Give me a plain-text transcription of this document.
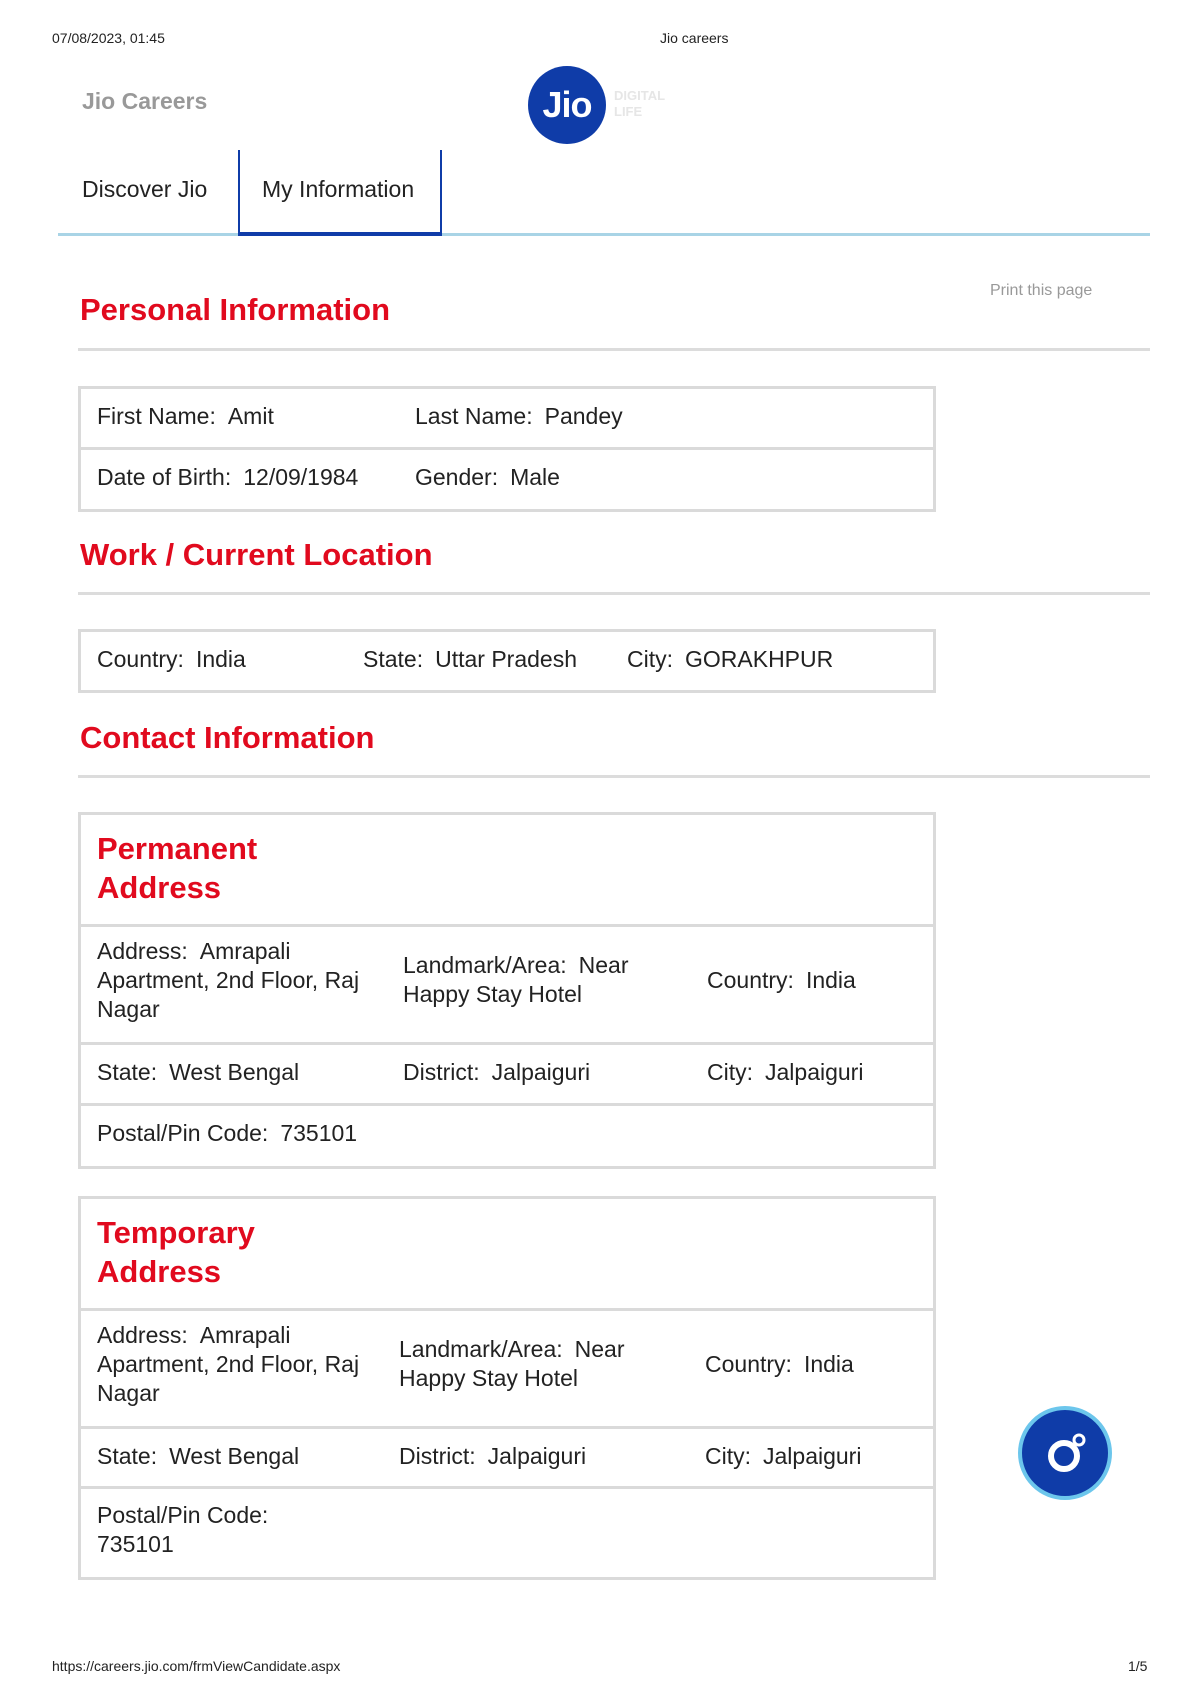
07/08/2023, 01:45	Jio careers
Jio Careers	Jio DIGITAL
LIFE
Discover Jio	My Information
Print this page
Personal Information
First Name: Amit	Last Name: Pandey
Date of Birth: 12/09/1984 Gender: Male
Work / Current Location
Country: India	State: Uttar Pradesh City: GORAKHPUR
Contact Information
Permanent
Address
Address: Amrapali
Apartment, 2nd Floor, Raj
Nagar
Landmark/Area: Near
Happy Stay Hotel
Country: India
State: West Bengal	District: Jalpaiguri	City: Jalpaiguri
Postal/Pin Code: 735101
Temporary
Address
Address: Amrapali
Apartment, 2nd Floor, Raj
Nagar
Landmark/Area: Near
Happy Stay Hotel
Country: India
State: West Bengal	District: Jalpaiguri	City: Jalpaiguri
Postal/Pin Code:
735101
https://careers.jio.com/frmViewCandidate.aspx	1/5
